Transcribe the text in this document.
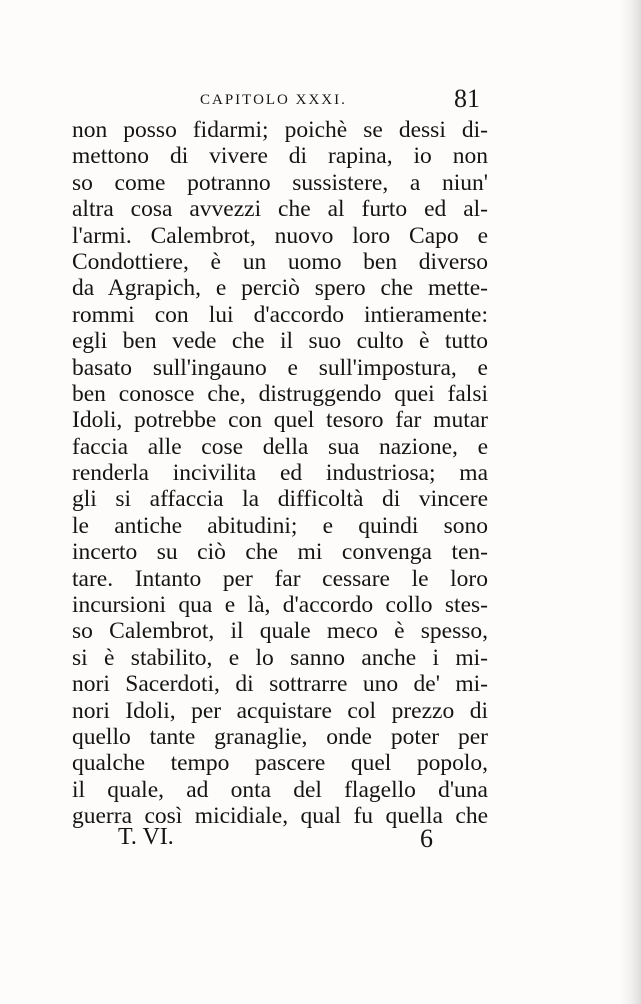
CAPITOLO XXXI.	81
non posso fidarmi; poichè se dessi di-
mettono di vivere di rapina, io non
so come potranno sussistere, a niun'
altra cosa avvezzi che al furto ed al-
l'armi. Calembrot, nuovo loro Capo e
Condottiere, è un uomo ben diverso
da Agrapich, e perciò spero che mette-
rommi con lui d'accordo intieramente:
egli ben vede che il suo culto è tutto
basato sull'ingauno e sull'impostura, e
ben conosce che, distruggendo quei falsi
Idoli, potrebbe con quel tesoro far mutar
faccia alle cose della sua nazione, e
renderla incivilita ed industriosa; ma
gli si affaccia la difficoltà di vincere
le antiche abitudini; e quindi sono
incerto su ciò che mi convenga ten-
tare. Intanto per far cessare le loro
incursioni qua e là, d'accordo collo stes-
so Calembrot, il quale meco è spesso,
si è stabilito, e lo sanno anche i mi-
nori Sacerdoti, di sottrarre uno de' mi-
nori Idoli, per acquistare col prezzo di
quello tante granaglie, onde poter per
qualche tempo pascere quel popolo,
il quale, ad onta del flagello d'una
guerra così micidiale, qual fu quella che
T. VI.	6
